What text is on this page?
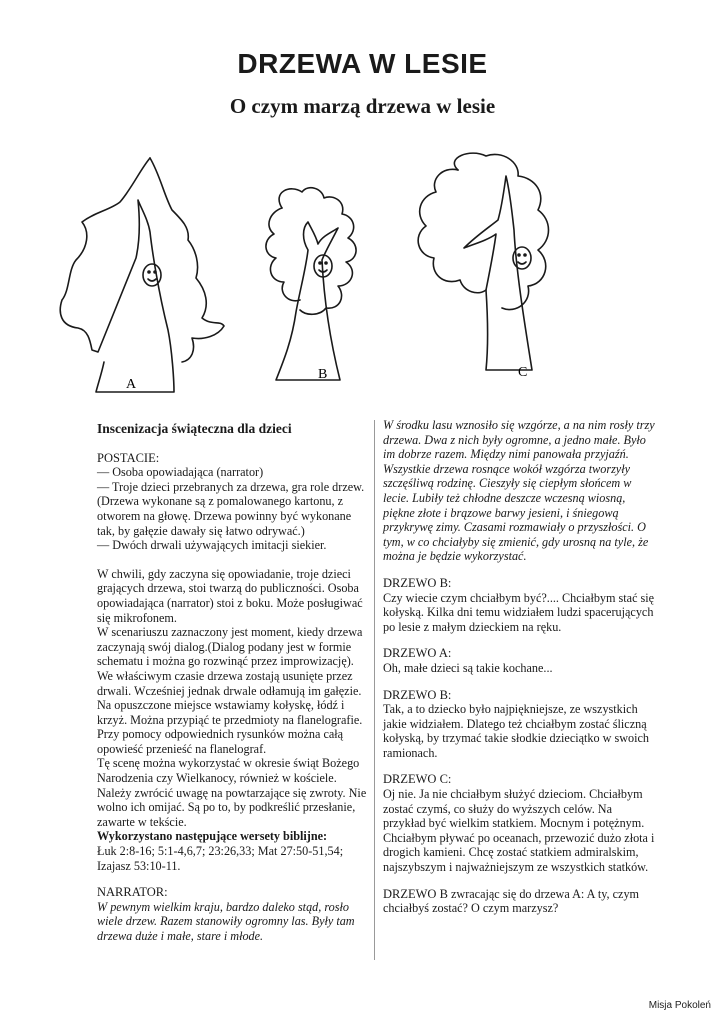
DRZEWA W LESIE
O czym marzą drzewa w lesie
A
B	C

Inscenizacja świąteczna dla dzieci

POSTACIE:

— Osoba opowiadająca (narrator)

— Troje dzieci przebranych za drzewa, gra role drzew. (Drzewa wykonane są z pomalowanego kartonu, z otworem na głowę. Drzewa powinny być wykonane tak, by gałęzie dawały się łatwo odrywać.)

— Dwóch drwali używających imitacji siekier.

W chwili, gdy zaczyna się opowiadanie, troje dzieci grających drzewa, stoi twarzą do publiczności. Osoba opowiadająca (narrator) stoi z boku. Może posługiwać się mikrofonem.

W scenariuszu zaznaczony jest moment, kiedy drzewa zaczynają swój dialog.(Dialog podany jest w formie schematu i można go rozwinąć przez improwizację). We właściwym czasie drzewa zostają usunięte przez drwali. Wcześniej jednak drwale odłamują im gałęzie.

Na opuszczone miejsce wstawiamy kołyskę, łódź i krzyż. Można przypiąć te przedmioty na flanelografie. Przy pomocy odpowiednich rysunków można całą opowieść przenieść na flanelograf.

Tę scenę można wykorzystać w okresie świąt Bożego Narodzenia czy Wielkanocy, również w kościele. Należy zwrócić uwagę na powtarzające się zwroty. Nie wolno ich omijać. Są po to, by podkreślić przesłanie, zawarte w tekście.

Wykorzystano następujące wersety biblijne:

Łuk 2:8-16; 5:1-4,6,7; 23:26,33; Mat 27:50-51,54; Izajasz 53:10-11.

NARRATOR:

W pewnym wielkim kraju, bardzo daleko stąd, rosło wiele drzew. Razem stanowiły ogromny las. Były tam drzewa duże i małe, stare i młode.

W środku lasu wznosiło się wzgórze, a na nim rosły trzy drzewa. Dwa z nich były ogromne, a jedno małe. Było im dobrze razem. Między nimi panowała przyjaźń. Wszystkie drzewa rosnące wokół wzgórza tworzyły szczęśliwą rodzinę. Cieszyły się ciepłym słońcem w lecie. Lubiły też chłodne deszcze wczesną wiosną, piękne złote i brązowe barwy jesieni, i śniegową przykrywę zimy. Czasami rozmawiały o przyszłości. O tym, w co chciałyby się zmienić, gdy urosną na tyle, że można je będzie wykorzystać.

DRZEWO B:

Czy wiecie czym chciałbym być?.... Chciałbym stać się kołyską. Kilka dni temu widziałem ludzi spacerujących po lesie z małym dzieckiem na ręku.

DRZEWO A:

Oh, małe dzieci są takie kochane...

DRZEWO B:

Tak, a to dziecko było najpiękniejsze, ze wszystkich jakie widziałem. Dlatego też chciałbym zostać śliczną kołyską, by trzymać takie słodkie dzieciątko w swoich ramionach.

DRZEWO C:

Oj nie. Ja nie chciałbym służyć dzieciom. Chciałbym zostać czymś, co służy do wyższych celów. Na przykład być wielkim statkiem. Mocnym i potężnym. Chciałbym pływać po oceanach, przewozić dużo złota i drogich kamieni. Chcę zostać statkiem admiralskim, najszybszym i najważniejszym ze wszystkich statków.

DRZEWO B zwracając się do drzewa A: A ty, czym chciałbyś zostać? O czym marzysz?

Misja Pokoleń
